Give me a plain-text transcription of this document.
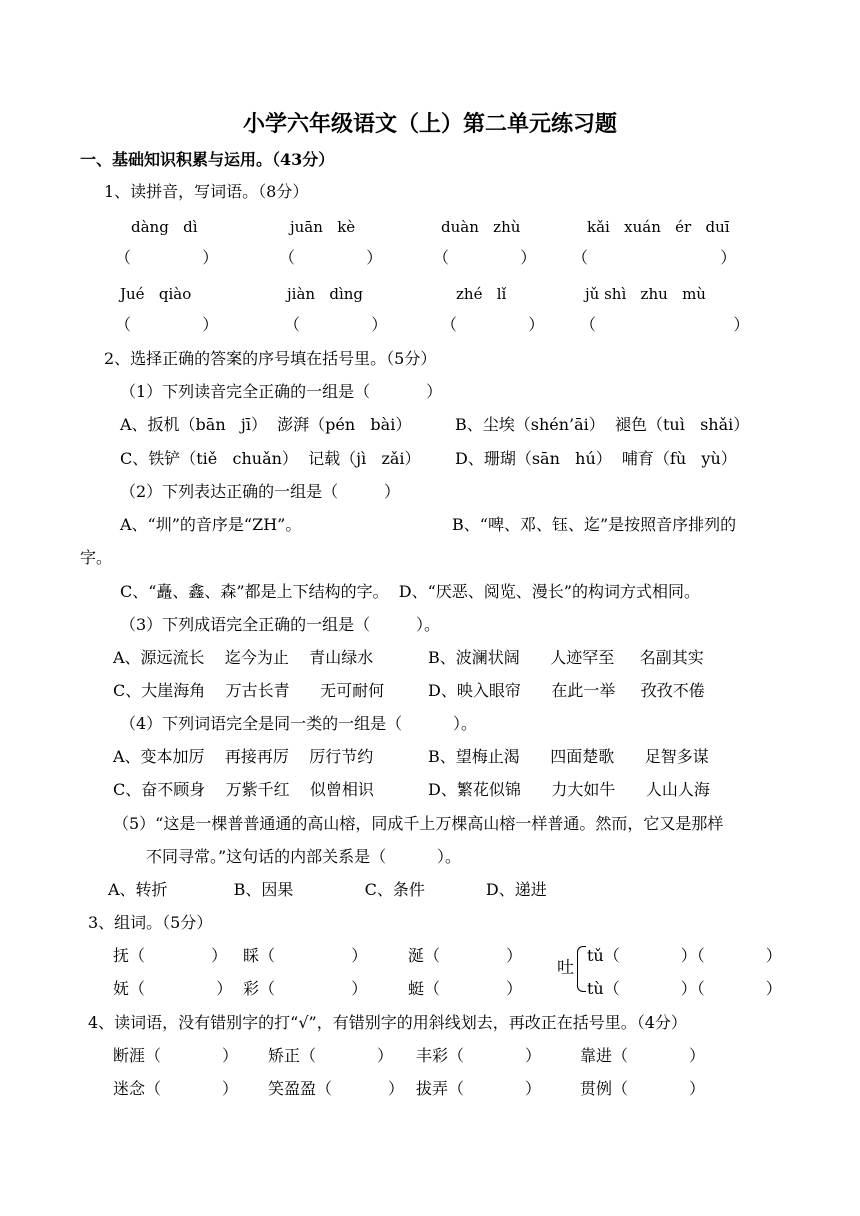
小学六年级语文（上）第二单元练习题
一、基础知识积累与运用。（43分）
1、读拼音，写词语。（8分）
dàng   dì	juān   kè	duàn   zhù	kǎi   xuán   ér   duī
（              ）	（              ）	（              ） （                          ）
Jué   qiào	jiàn   dìng	zhé   lǐ	jǔ shì   zhu   mù
（              ）	（              ）	（              ） （                           ）
2、选择正确的答案的序号填在括号里。（5分）
（1）下列读音完全正确的一组是（           ）
A、扳机（bān   jī）  澎湃（pén   bài）	B、尘埃（shén’āi）  褪色（tuì   shǎi）
C、铁铲（tiě   chuǎn）  记载（jì   zǎi） D、珊瑚（sān   hú）  哺育（fù   yù）
（2）下列表达正确的一组是（         ）
A、“圳”的音序是“ZH”。	B、“啤、邓、钰、迄”是按照音序排列的
字。
C、“矗、鑫、森”都是上下结构的字。  D、“厌恶、阅览、漫长”的构词方式相同。
（3）下列成语完全正确的一组是（         ）。
A、源远流长    迄今为止    青山绿水	B、波澜状阔      人迹罕至     名副其实
C、大崖海角    万古长青      无可耐何	D、映入眼帘      在此一举     孜孜不倦
（4）下列词语完全是同一类的一组是（          ）。
A、变本加厉    再接再厉    厉行节约	B、望梅止渴      四面楚歌      足智多谋
C、奋不顾身    万紫千红    似曾相识	D、繁花似锦      力大如牛      人山人海
（5）“这是一棵普普通通的高山榕，同成千上万棵高山榕一样普通。然而，它又是那样
不同寻常。”这句话的内部关系是（          ）。
A、转折             B、因果              C、条件            D、递进
3、组词。（5分）
抚（             ） 睬（               ）	涎（             ）
妩（              ） 彩（               ）	蜓（             ）
吐
tǔ（            ）（            ）
tù（            ）（            ）
4、读词语，没有错别字的打“√”，有错别字的用斜线划去，再改正在括号里。（4分）
断涯（            ） 矫正（            ） 丰彩（            ） 靠进（            ）
迷念（            ） 笑盈盈（           ） 拔弄（            ） 贯例（            ）
